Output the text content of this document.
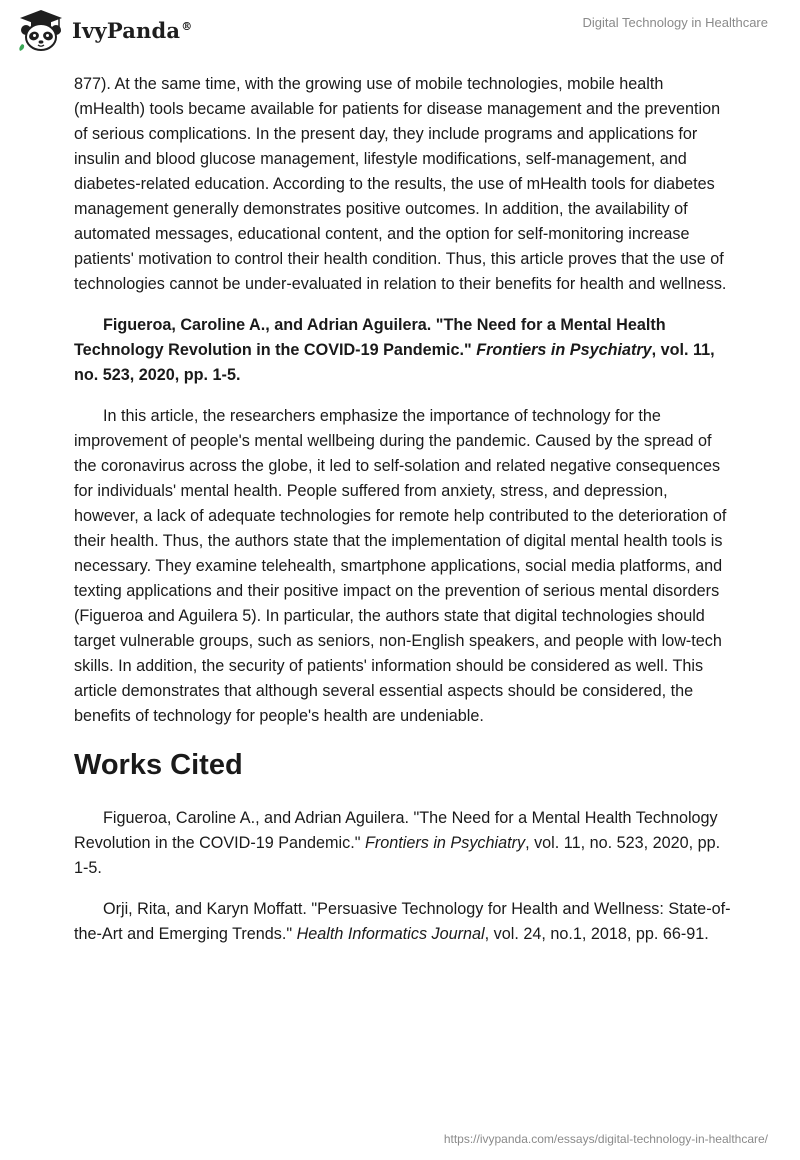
IvyPanda®	Digital Technology in Healthcare

877). At the same time, with the growing use of mobile technologies, mobile health (mHealth) tools became available for patients for disease management and the prevention of serious complications. In the present day, they include programs and applications for insulin and blood glucose management, lifestyle modifications, self-management, and diabetes-related education. According to the results, the use of mHealth tools for diabetes management generally demonstrates positive outcomes. In addition, the availability of automated messages, educational content, and the option for self-monitoring increase patients' motivation to control their health condition. Thus, this article proves that the use of technologies cannot be under-evaluated in relation to their benefits for health and wellness.

Figueroa, Caroline A., and Adrian Aguilera. "The Need for a Mental Health Technology Revolution in the COVID-19 Pandemic." Frontiers in Psychiatry, vol. 11, no. 523, 2020, pp. 1-5.

In this article, the researchers emphasize the importance of technology for the improvement of people's mental wellbeing during the pandemic. Caused by the spread of the coronavirus across the globe, it led to self-solation and related negative consequences for individuals' mental health. People suffered from anxiety, stress, and depression, however, a lack of adequate technologies for remote help contributed to the deterioration of their health. Thus, the authors state that the implementation of digital mental health tools is necessary. They examine telehealth, smartphone applications, social media platforms, and texting applications and their positive impact on the prevention of serious mental disorders (Figueroa and Aguilera 5). In particular, the authors state that digital technologies should target vulnerable groups, such as seniors, non-English speakers, and people with low-tech skills. In addition, the security of patients' information should be considered as well. This article demonstrates that although several essential aspects should be considered, the benefits of technology for people's health are undeniable.

Works Cited

Figueroa, Caroline A., and Adrian Aguilera. "The Need for a Mental Health Technology Revolution in the COVID-19 Pandemic." Frontiers in Psychiatry, vol. 11, no. 523, 2020, pp. 1-5.

Orji, Rita, and Karyn Moffatt. "Persuasive Technology for Health and Wellness: State-of-the-Art and Emerging Trends." Health Informatics Journal, vol. 24, no.1, 2018, pp. 66-91.

https://ivypanda.com/essays/digital-technology-in-healthcare/
